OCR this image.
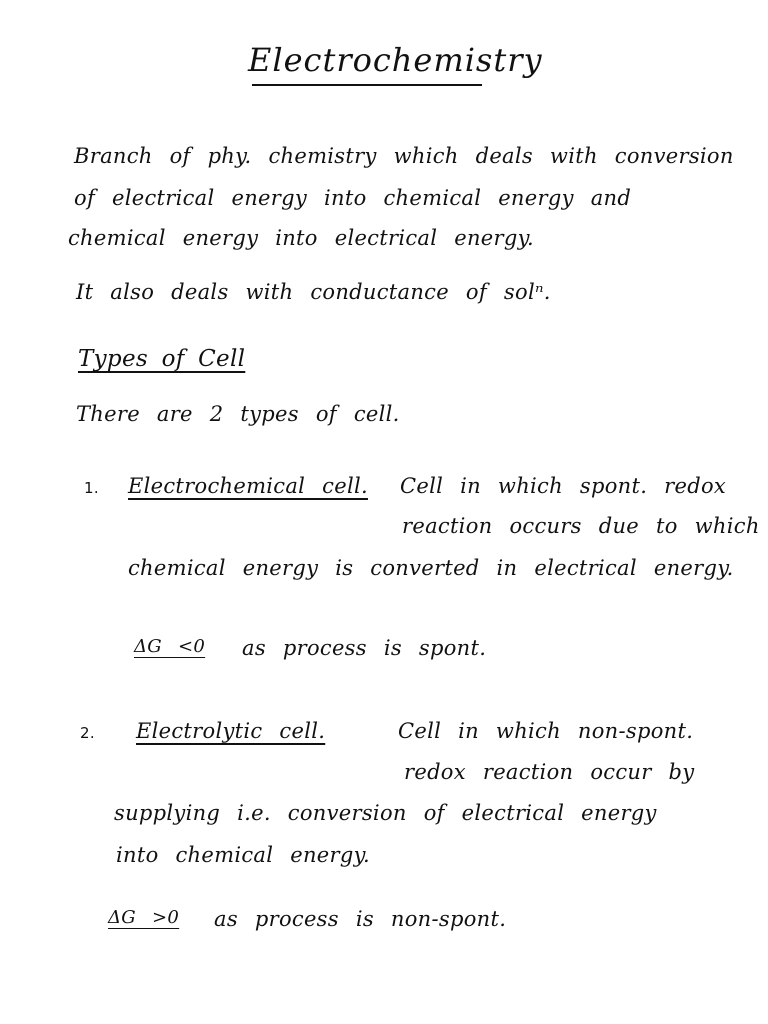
Electrochemistry
Branch of phy. chemistry which deals with conversion
of electrical energy into chemical energy and
chemical energy into electrical energy.
It also deals with conductance of solⁿ.
Types of Cell
There are 2 types of cell.
1. Electrochemical cell. Cell in which spont. redox
reaction occurs due to which
chemical energy is converted in electrical energy.
ΔG <0 as process is spont.
2. Electrolytic cell.	Cell in which non-spont.
redox reaction occur by
supplying i.e. conversion of electrical energy
into chemical energy.
ΔG >0 as process is non-spont.
